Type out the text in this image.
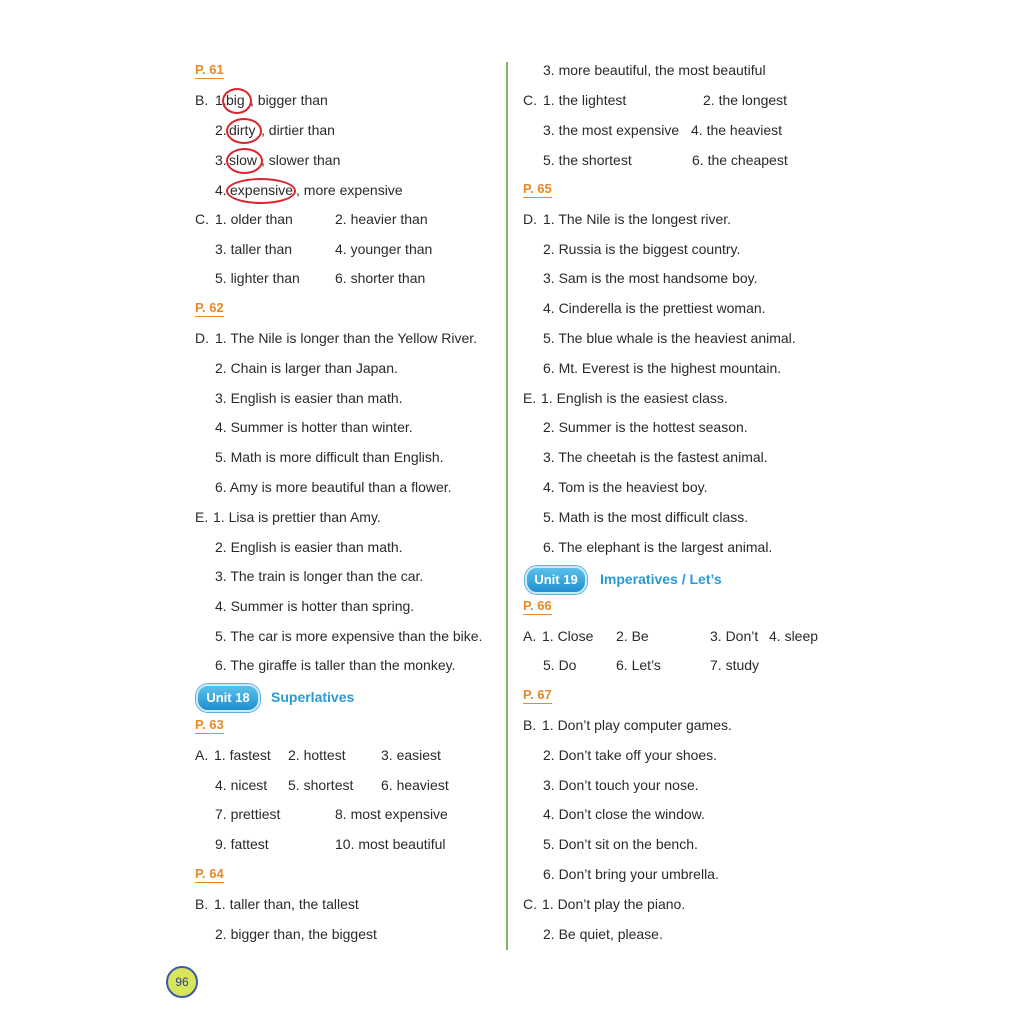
P. 61
B. 1. big , bigger than
2. dirty , dirtier than
3. slow , slower than
4. expensive , more expensive
C. 1. older than	2. heavier than
3. taller than	4. younger than
5. lighter than	6. shorter than
P. 62
D. 1. The Nile is longer than the Yellow River.
2. Chain is larger than Japan.
3. English is easier than math.
4. Summer is hotter than winter.
5. Math is more difficult than English.
6. Amy is more beautiful than a flower.
E. 1. Lisa is prettier than Amy.
2. English is easier than math.
3. The train is longer than the car.
4. Summer is hotter than spring.
5. The car is more expensive than the bike.
6. The giraffe is taller than the monkey.
Unit 18	Superlatives
P. 63
A. 1. fastest 2. hottest	3. easiest
4. nicest 5. shortest 6. heaviest
7. prettiest	8. most expensive
9. fattest	10. most beautiful
P. 64
B. 1. taller than, the tallest
2. bigger than, the biggest
3. more beautiful, the most beautiful
C. 1. the lightest	2. the longest
3. the most expensive 4. the heaviest
5. the shortest	6. the cheapest
P. 65
D. 1. The Nile is the longest river.
2. Russia is the biggest country.
3. Sam is the most handsome boy.
4. Cinderella is the prettiest woman.
5. The blue whale is the heaviest animal.
6. Mt. Everest is the highest mountain.
E. 1. English is the easiest class.
2. Summer is the hottest season.
3. The cheetah is the fastest animal.
4. Tom is the heaviest boy.
5. Math is the most difficult class.
6. The elephant is the largest animal.
Unit 19	Imperatives / Let’s
P. 66
A. 1. Close 2. Be	3. Don’t 4. sleep
5. Do	6. Let’s	7. study
P. 67
B. 1. Don’t play computer games.
2. Don’t take off your shoes.
3. Don’t touch your nose.
4. Don’t close the window.
5. Don’t sit on the bench.
6. Don’t bring your umbrella.
C. 1. Don’t play the piano.
2. Be quiet, please.
96
